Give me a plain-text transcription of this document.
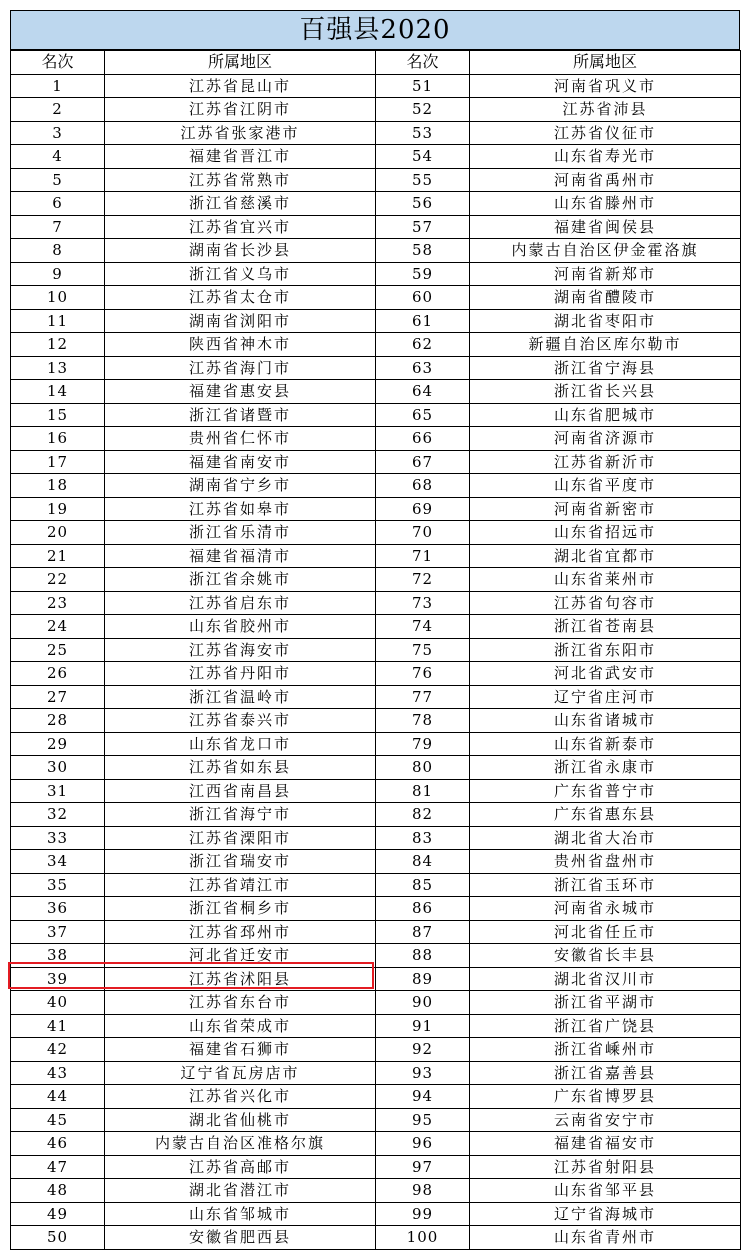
百强县2020
名次	所属地区	名次	所属地区
1	江苏省昆山市	51	河南省巩义市
2	江苏省江阴市	52	江苏省沛县
3	江苏省张家港市	53	江苏省仪征市
4	福建省晋江市	54	山东省寿光市
5	江苏省常熟市	55	河南省禹州市
6	浙江省慈溪市	56	山东省滕州市
7	江苏省宜兴市	57	福建省闽侯县
8	湖南省长沙县	58	内蒙古自治区伊金霍洛旗
9	浙江省义乌市	59	河南省新郑市
10	江苏省太仓市	60	湖南省醴陵市
11	湖南省浏阳市	61	湖北省枣阳市
12	陕西省神木市	62	新疆自治区库尔勒市
13	江苏省海门市	63	浙江省宁海县
14	福建省惠安县	64	浙江省长兴县
15	浙江省诸暨市	65	山东省肥城市
16	贵州省仁怀市	66	河南省济源市
17	福建省南安市	67	江苏省新沂市
18	湖南省宁乡市	68	山东省平度市
19	江苏省如皋市	69	河南省新密市
20	浙江省乐清市	70	山东省招远市
21	福建省福清市	71	湖北省宜都市
22	浙江省余姚市	72	山东省莱州市
23	江苏省启东市	73	江苏省句容市
24	山东省胶州市	74	浙江省苍南县
25	江苏省海安市	75	浙江省东阳市
26	江苏省丹阳市	76	河北省武安市
27	浙江省温岭市	77	辽宁省庄河市
28	江苏省泰兴市	78	山东省诸城市
29	山东省龙口市	79	山东省新泰市
30	江苏省如东县	80	浙江省永康市
31	江西省南昌县	81	广东省普宁市
32	浙江省海宁市	82	广东省惠东县
33	江苏省溧阳市	83	湖北省大冶市
34	浙江省瑞安市	84	贵州省盘州市
35	江苏省靖江市	85	浙江省玉环市
36	浙江省桐乡市	86	河南省永城市
37	江苏省邳州市	87	河北省任丘市
38	河北省迁安市	88	安徽省长丰县
39	江苏省沭阳县	89	湖北省汉川市
40	江苏省东台市	90	浙江省平湖市
41	山东省荣成市	91	浙江省广饶县
42	福建省石狮市	92	浙江省嵊州市
43	辽宁省瓦房店市	93	浙江省嘉善县
44	江苏省兴化市	94	广东省博罗县
45	湖北省仙桃市	95	云南省安宁市
46	内蒙古自治区准格尔旗	96	福建省福安市
47	江苏省高邮市	97	江苏省射阳县
48	湖北省潜江市	98	山东省邹平县
49	山东省邹城市	99	辽宁省海城市
50	安徽省肥西县	100	山东省青州市
